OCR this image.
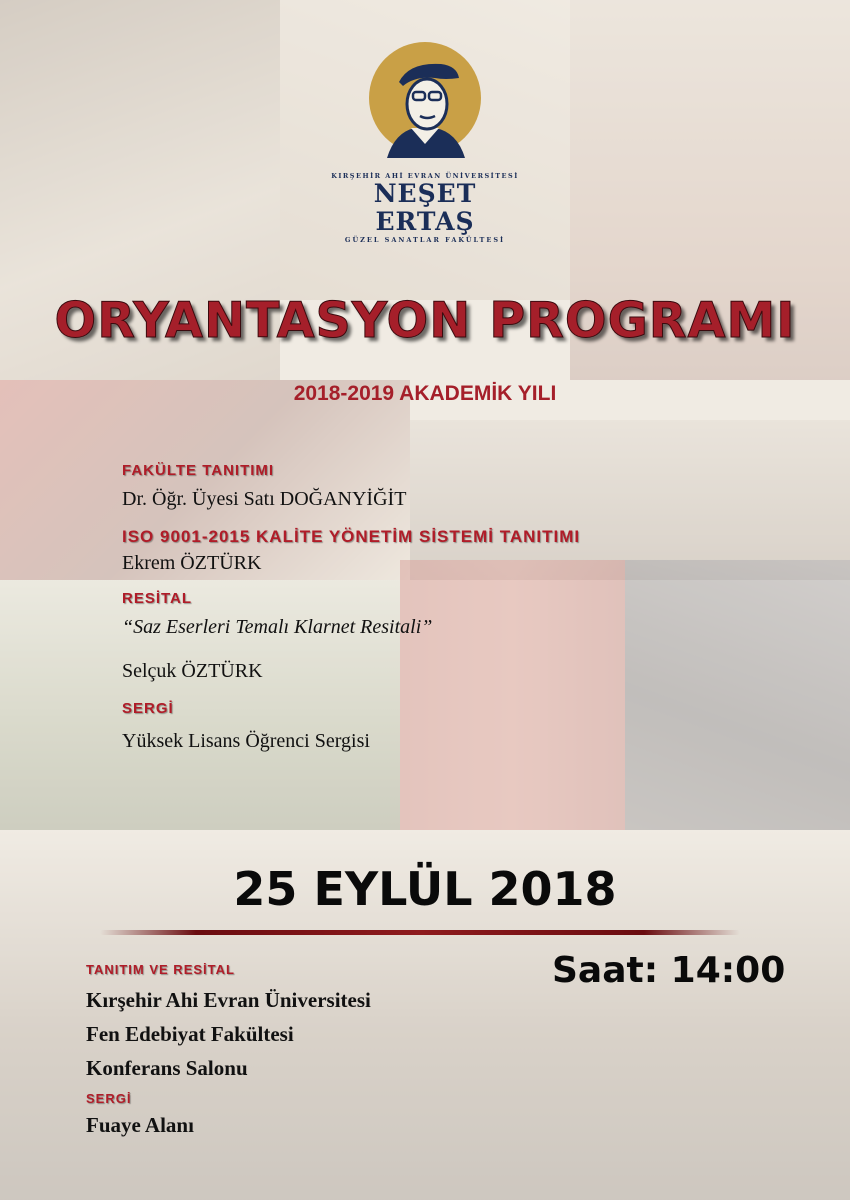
KIRŞEHİR AHİ EVRAN ÜNİVERSİTESİ
NEŞET ERTAŞ
GÜZEL SANATLAR FAKÜLTESİ
ORYANTASYON PROGRAMI
2018-2019 AKADEMİK YILI
FAKÜLTE TANITIMI
Dr. Öğr. Üyesi Satı DOĞANYİĞİT
ISO 9001-2015 KALİTE YÖNETİM SİSTEMİ TANITIMI
Ekrem ÖZTÜRK
RESİTAL
“Saz Eserleri Temalı Klarnet Resitali”
Selçuk ÖZTÜRK
SERGİ
Yüksek Lisans Öğrenci Sergisi
25 EYLÜL 2018
Saat: 14:00
TANITIM VE RESİTAL
Kırşehir Ahi Evran Üniversitesi
Fen Edebiyat Fakültesi
Konferans Salonu
SERGİ
Fuaye Alanı
